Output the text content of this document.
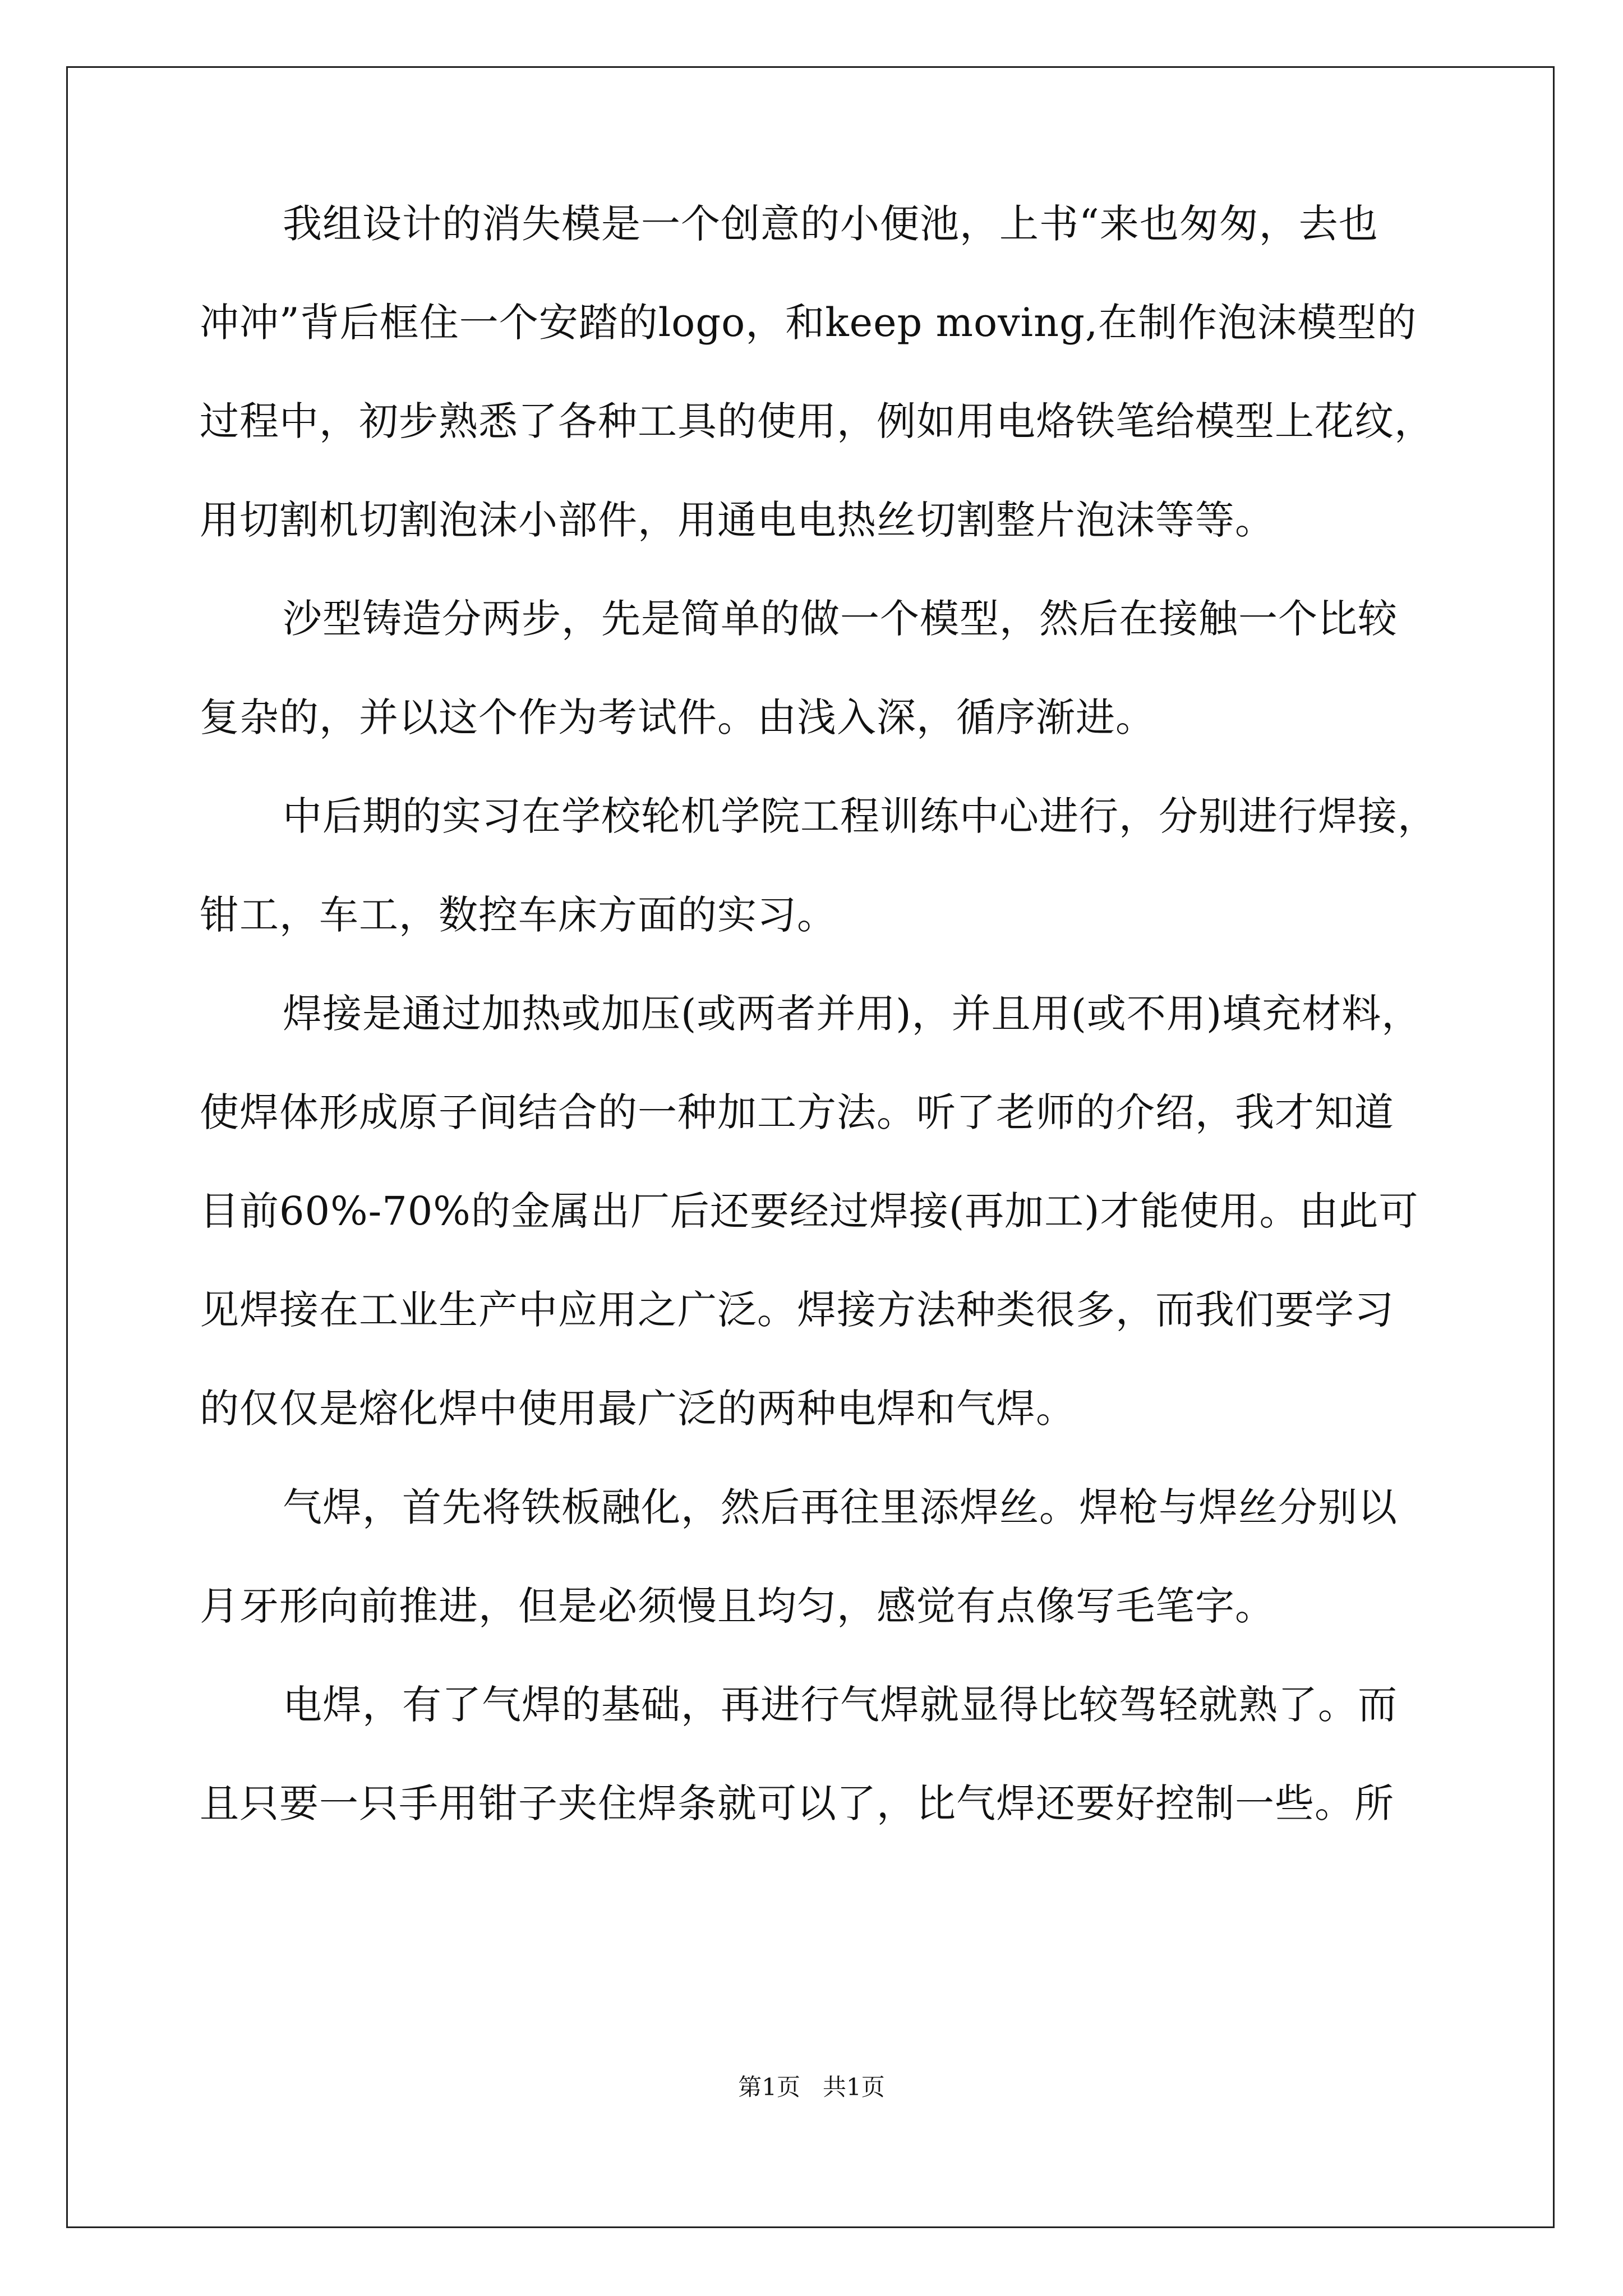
我组设计的消失模是一个创意的小便池，上书“来也匆匆，去也
冲冲”背后框住一个安踏的logo，和keep moving,在制作泡沫模型的
过程中，初步熟悉了各种工具的使用，例如用电烙铁笔给模型上花纹，
用切割机切割泡沫小部件，用通电电热丝切割整片泡沫等等。
沙型铸造分两步，先是简单的做一个模型，然后在接触一个比较
复杂的，并以这个作为考试件。由浅入深，循序渐进。
中后期的实习在学校轮机学院工程训练中心进行，分别进行焊接，
钳工，车工，数控车床方面的实习。
焊接是通过加热或加压(或两者并用)，并且用(或不用)填充材料，
使焊体形成原子间结合的一种加工方法。听了老师的介绍，我才知道
目前60%-70%的金属出厂后还要经过焊接(再加工)才能使用。由此可
见焊接在工业生产中应用之广泛。焊接方法种类很多，而我们要学习
的仅仅是熔化焊中使用最广泛的两种电焊和气焊。
气焊，首先将铁板融化，然后再往里添焊丝。焊枪与焊丝分别以
月牙形向前推进，但是必须慢且均匀，感觉有点像写毛笔字。
电焊，有了气焊的基础，再进行气焊就显得比较驾轻就熟了。而
且只要一只手用钳子夹住焊条就可以了，比气焊还要好控制一些。所
第1页   共1页
